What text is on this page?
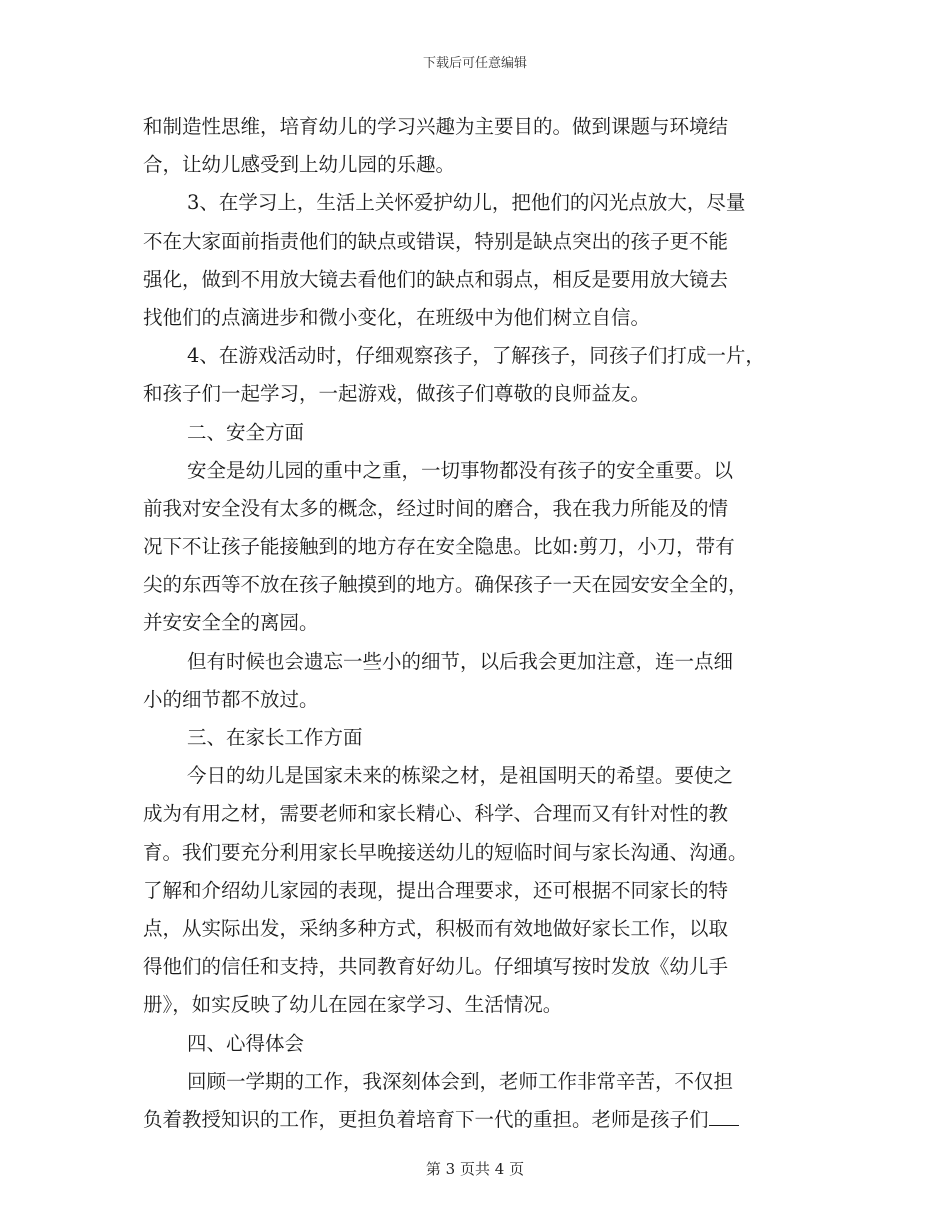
下载后可任意编辑
和制造性思维，培育幼儿的学习兴趣为主要目的。做到课题与环境结
合，让幼儿感受到上幼儿园的乐趣。
3、在学习上，生活上关怀爱护幼儿，把他们的闪光点放大，尽量
不在大家面前指责他们的缺点或错误，特别是缺点突出的孩子更不能
强化，做到不用放大镜去看他们的缺点和弱点，相反是要用放大镜去
找他们的点滴进步和微小变化，在班级中为他们树立自信。
4、在游戏活动时，仔细观察孩子，了解孩子，同孩子们打成一片，
和孩子们一起学习，一起游戏，做孩子们尊敬的良师益友。
二、安全方面
安全是幼儿园的重中之重，一切事物都没有孩子的安全重要。以
前我对安全没有太多的概念，经过时间的磨合，我在我力所能及的情
况下不让孩子能接触到的地方存在安全隐患。比如:剪刀，小刀，带有
尖的东西等不放在孩子触摸到的地方。确保孩子一天在园安安全全的，
并安安全全的离园。
但有时候也会遗忘一些小的细节，以后我会更加注意，连一点细
小的细节都不放过。
三、在家长工作方面
今日的幼儿是国家未来的栋梁之材，是祖国明天的希望。要使之
成为有用之材，需要老师和家长精心、科学、合理而又有针对性的教
育。我们要充分利用家长早晚接送幼儿的短临时间与家长沟通、沟通。
了解和介绍幼儿家园的表现，提出合理要求，还可根据不同家长的特
点，从实际出发，采纳多种方式，积极而有效地做好家长工作，以取
得他们的信任和支持，共同教育好幼儿。仔细填写按时发放《幼儿手
册》，如实反映了幼儿在园在家学习、生活情况。
四、心得体会
回顾一学期的工作，我深刻体会到，老师工作非常辛苦，不仅担
负着教授知识的工作，更担负着培育下一代的重担。老师是孩子们
第 3 页共 4 页
